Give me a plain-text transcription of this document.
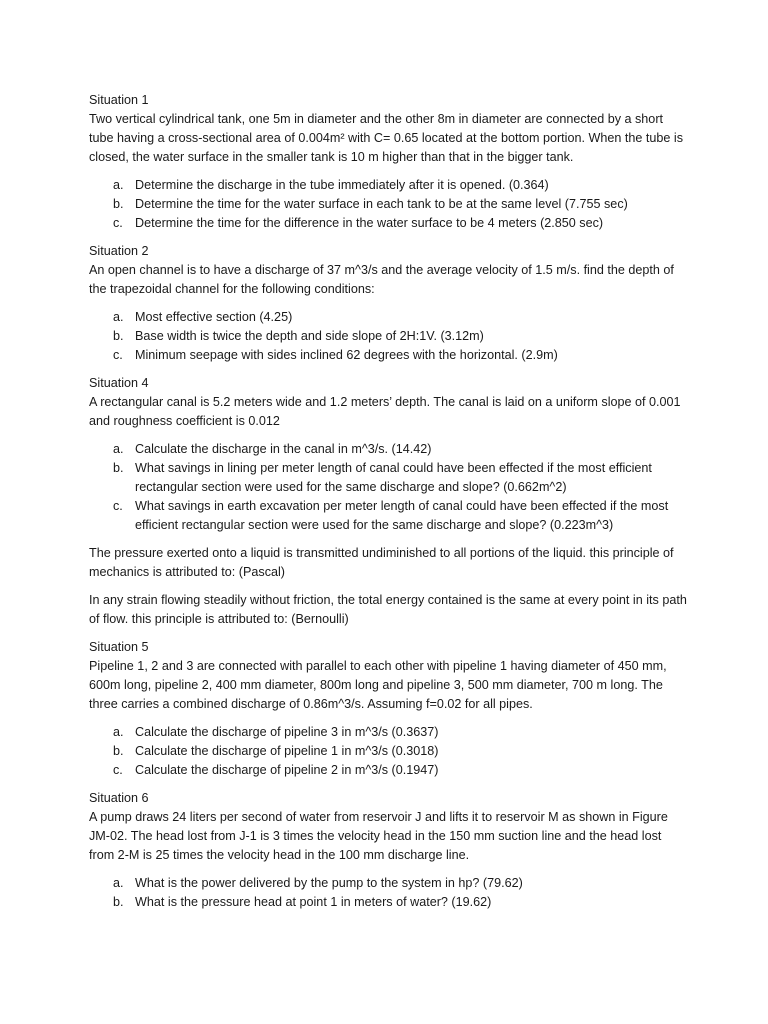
Situation 1

Two vertical cylindrical tank, one 5m in diameter and the other 8m in diameter are connected by a short tube having a cross-sectional area of 0.004m² with C= 0.65 located at the bottom portion. When the tube is closed, the water surface in the smaller tank is 10 m higher than that in the bigger tank.

a. Determine the discharge in the tube immediately after it is opened. (0.364)
b. Determine the time for the water surface in each tank to be at the same level (7.755 sec)
c. Determine the time for the difference in the water surface to be 4 meters (2.850 sec)

Situation 2

An open channel is to have a discharge of 37 m^3/s and the average velocity of 1.5 m/s. find the depth of the trapezoidal channel for the following conditions:

a. Most effective section (4.25)
b. Base width is twice the depth and side slope of 2H:1V. (3.12m)
c. Minimum seepage with sides inclined 62 degrees with the horizontal. (2.9m)

Situation 4

A rectangular canal is 5.2 meters wide and 1.2 meters’ depth. The canal is laid on a uniform slope of 0.001 and roughness coefficient is 0.012

a. Calculate the discharge in the canal in m^3/s. (14.42)
b. What savings in lining per meter length of canal could have been effected if the most efficient rectangular section were used for the same discharge and slope? (0.662m^2)
c. What savings in earth excavation per meter length of canal could have been effected if the most efficient rectangular section were used for the same discharge and slope? (0.223m^3)

The pressure exerted onto a liquid is transmitted undiminished to all portions of the liquid. this principle of mechanics is attributed to: (Pascal)

In any strain flowing steadily without friction, the total energy contained is the same at every point in its path of flow. this principle is attributed to: (Bernoulli)

Situation 5

Pipeline 1, 2 and 3 are connected with parallel to each other with pipeline 1 having diameter of 450 mm, 600m long, pipeline 2, 400 mm diameter, 800m long and pipeline 3, 500 mm diameter, 700 m long. The three carries a combined discharge of 0.86m^3/s. Assuming f=0.02 for all pipes.

a. Calculate the discharge of pipeline 3 in m^3/s (0.3637)
b. Calculate the discharge of pipeline 1 in m^3/s (0.3018)
c. Calculate the discharge of pipeline 2 in m^3/s (0.1947)

Situation 6

A pump draws 24 liters per second of water from reservoir J and lifts it to reservoir M as shown in Figure JM-02. The head lost from J-1 is 3 times the velocity head in the 150 mm suction line and the head lost from 2-M is 25 times the velocity head in the 100 mm discharge line.

a. What is the power delivered by the pump to the system in hp? (79.62)
b. What is the pressure head at point 1 in meters of water? (19.62)
